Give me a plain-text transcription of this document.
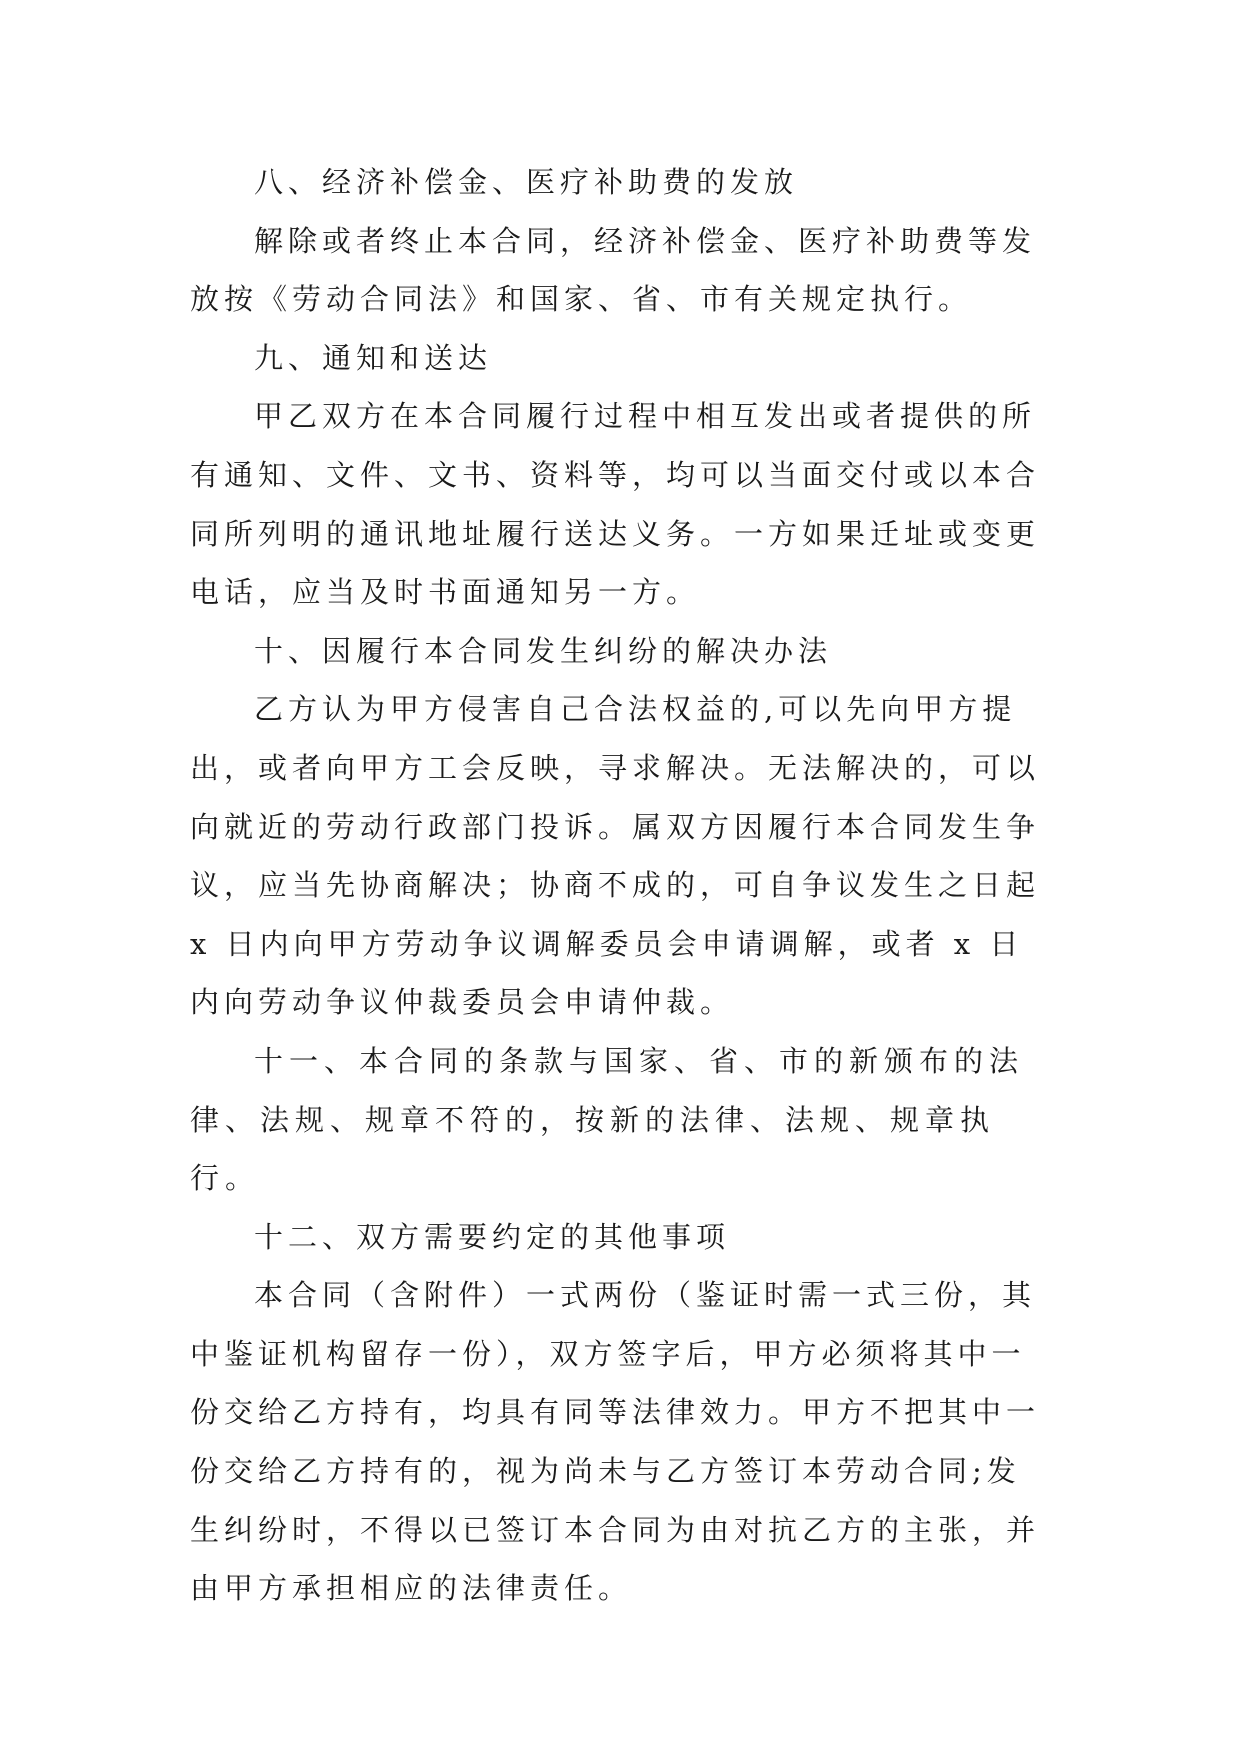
八、经济补偿金、医疗补助费的发放

解除或者终止本合同，经济补偿金、医疗补助费等发放按《劳动合同法》和国家、省、市有关规定执行。

九、通知和送达

甲乙双方在本合同履行过程中相互发出或者提供的所有通知、文件、文书、资料等，均可以当面交付或以本合同所列明的通讯地址履行送达义务。一方如果迁址或变更电话，应当及时书面通知另一方。

十、因履行本合同发生纠纷的解决办法

乙方认为甲方侵害自己合法权益的,可以先向甲方提出，或者向甲方工会反映，寻求解决。无法解决的，可以向就近的劳动行政部门投诉。属双方因履行本合同发生争议，应当先协商解决；协商不成的，可自争议发生之日起 x 日内向甲方劳动争议调解委员会申请调解，或者 x 日内向劳动争议仲裁委员会申请仲裁。

十一、本合同的条款与国家、省、市的新颁布的法律、法规、规章不符的，按新的法律、法规、规章执行。

十二、双方需要约定的其他事项

本合同（含附件）一式两份（鉴证时需一式三份，其中鉴证机构留存一份），双方签字后，甲方必须将其中一份交给乙方持有，均具有同等法律效力。甲方不把其中一份交给乙方持有的，视为尚未与乙方签订本劳动合同;发生纠纷时，不得以已签订本合同为由对抗乙方的主张，并由甲方承担相应的法律责任。
